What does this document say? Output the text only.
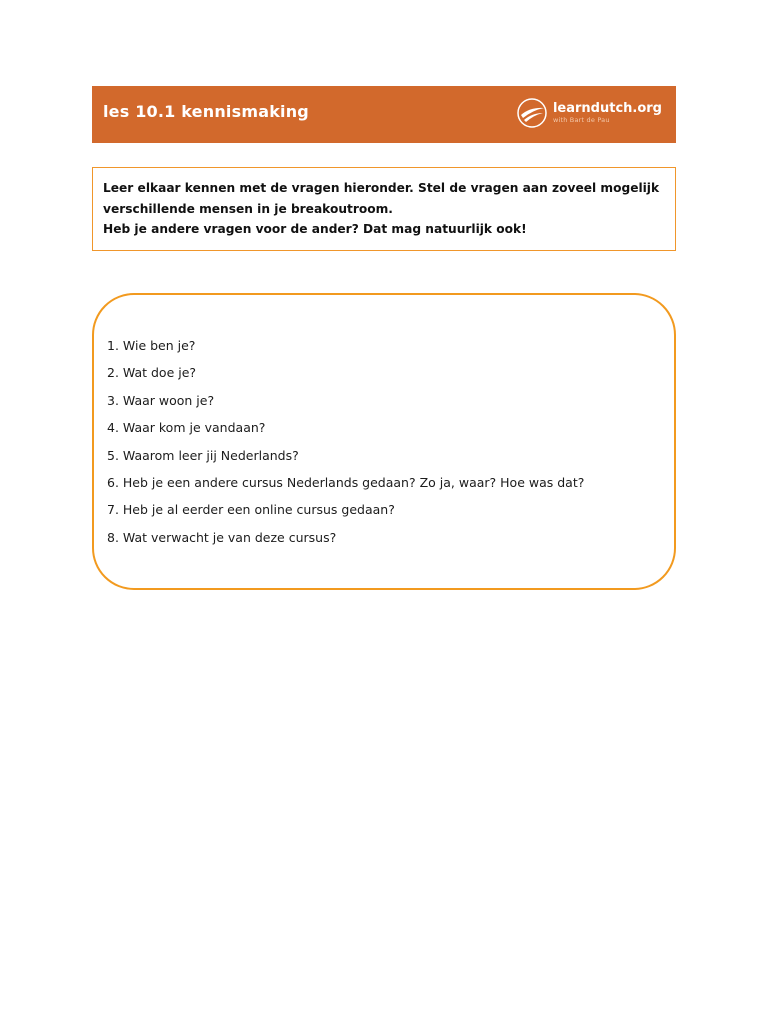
les 10.1 kennismaking	learndutch.org
with Bart de Pau
Leer elkaar kennen met de vragen hieronder. Stel de vragen aan zoveel mogelijk
verschillende mensen in je breakoutroom.
Heb je andere vragen voor de ander? Dat mag natuurlijk ook!
1. Wie ben je?
2. Wat doe je?
3. Waar woon je?
4. Waar kom je vandaan?
5. Waarom leer jij Nederlands?
6. Heb je een andere cursus Nederlands gedaan? Zo ja, waar? Hoe was dat?
7. Heb je al eerder een online cursus gedaan?
8. Wat verwacht je van deze cursus?
